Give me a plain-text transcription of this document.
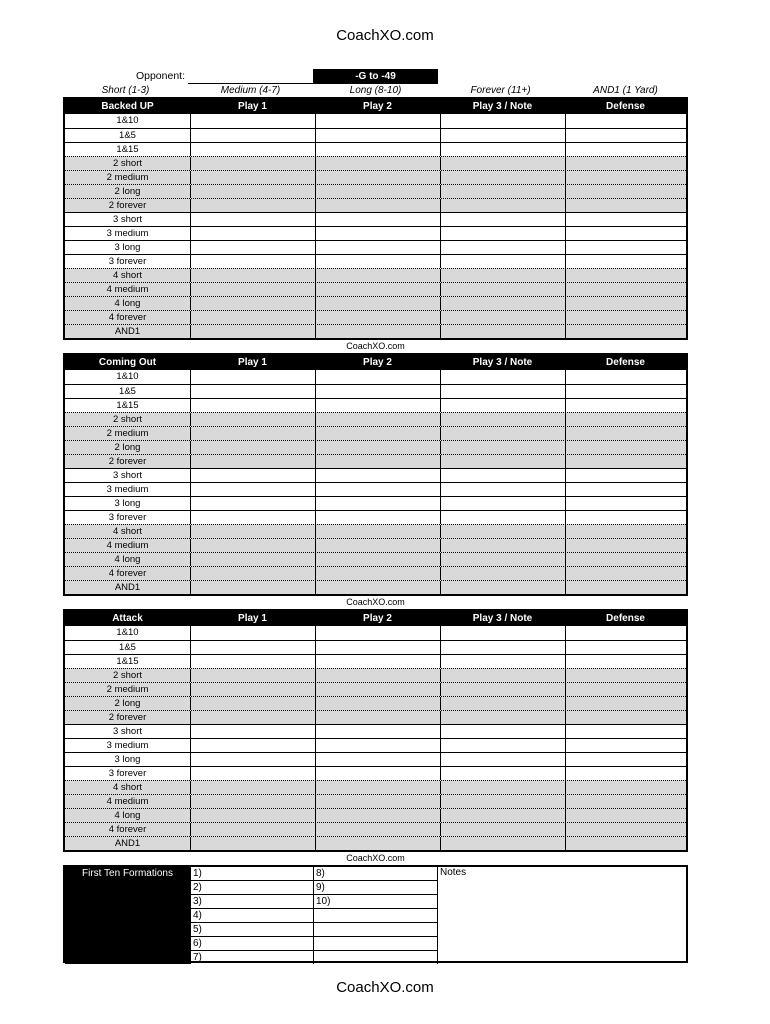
CoachXO.com
Opponent:	-G to -49
Short (1-3)	Medium (4-7)	Long (8-10)	Forever (11+)	AND1 (1 Yard)
Backed UP	Play 1	Play 2	Play 3 / Note	Defense
1&10
1&5
1&15
2 short
2 medium
2 long
2 forever
3 short
3 medium
3 long
3 forever
4 short
4 medium
4 long
4 forever
AND1
CoachXO.com
Coming Out	Play 1	Play 2	Play 3 / Note	Defense
1&10
1&5
1&15
2 short
2 medium
2 long
2 forever
3 short
3 medium
3 long
3 forever
4 short
4 medium
4 long
4 forever
AND1
CoachXO.com
Attack	Play 1	Play 2	Play 3 / Note	Defense
1&10
1&5
1&15
2 short
2 medium
2 long
2 forever
3 short
3 medium
3 long
3 forever
4 short
4 medium
4 long
4 forever
AND1
CoachXO.com
First Ten Formations	1)	8)
2)	9)
3)	10)
4)
5)
6)
7)
Notes
CoachXO.com
